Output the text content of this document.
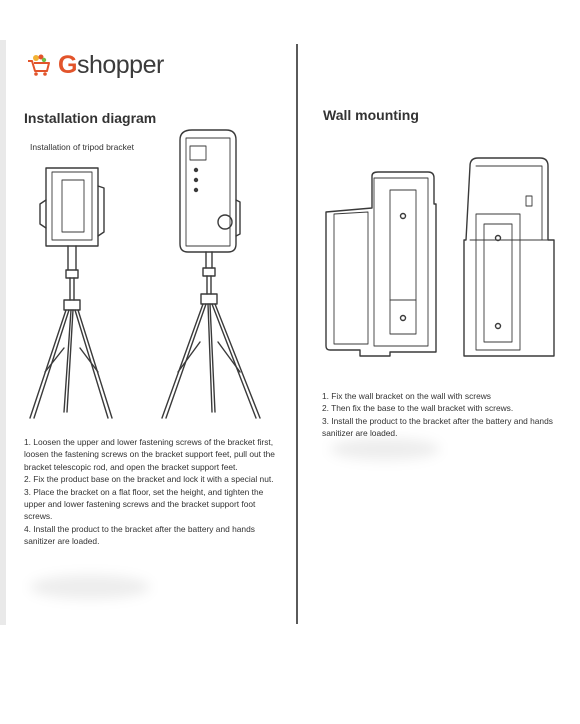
Gshopper
Installation diagram
Installation of tripod bracket
Wall mounting
1. Loosen the upper and lower fastening screws of the bracket first, loosen the fastening screws on the bracket support feet, pull out the bracket telescopic rod, and open the bracket support feet.
2. Fix the product base on the bracket and lock it with a special nut.
3. Place the bracket on a flat floor, set the height, and tighten the upper and lower fastening screws and the bracket support foot screws.
4. Install the product to the bracket after the battery and hands sanitizer are loaded.
1. Fix the wall bracket on the wall with screws
2. Then fix the base to the wall bracket with screws.
3. Install the product to the bracket after the battery and hands sanitizer are loaded.
